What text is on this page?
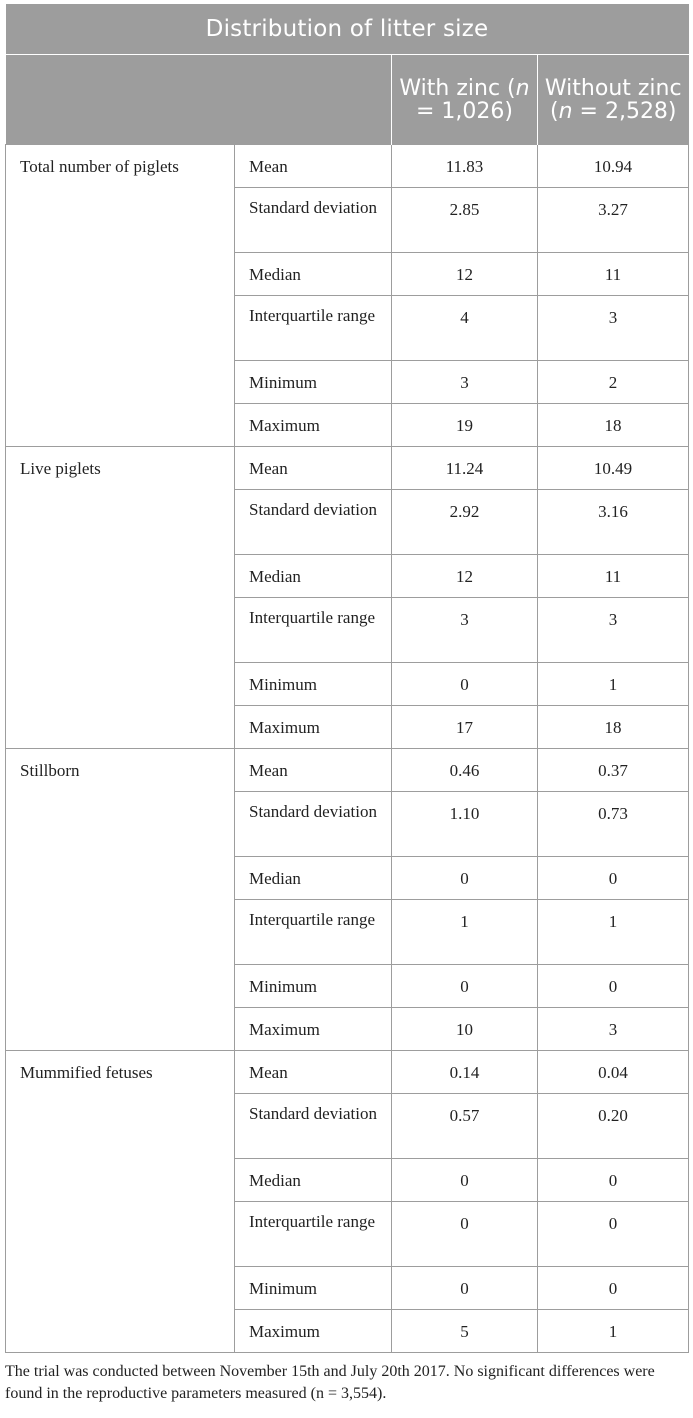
Distribution of litter size			
		With zinc (n = 1,026)	Without zinc (n = 2,528)
Total number of piglets	Mean	11.83	10.94
	Standard deviation	2.85	3.27
	Median	12	11
	Interquartile range	4	3
	Minimum	3	2
	Maximum	19	18
Live piglets	Mean	11.24	10.49
	Standard deviation	2.92	3.16
	Median	12	11
	Interquartile range	3	3
	Minimum	0	1
	Maximum	17	18
Stillborn	Mean	0.46	0.37
	Standard deviation	1.10	0.73
	Median	0	0
	Interquartile range	1	1
	Minimum	0	0
	Maximum	10	3
Mummified fetuses	Mean	0.14	0.04
	Standard deviation	0.57	0.20
	Median	0	0
	Interquartile range	0	0
	Minimum	0	0
	Maximum	5	1
The trial was conducted between November 15th and July 20th 2017. No significant differences were found in the reproductive parameters measured (n = 3,554).
